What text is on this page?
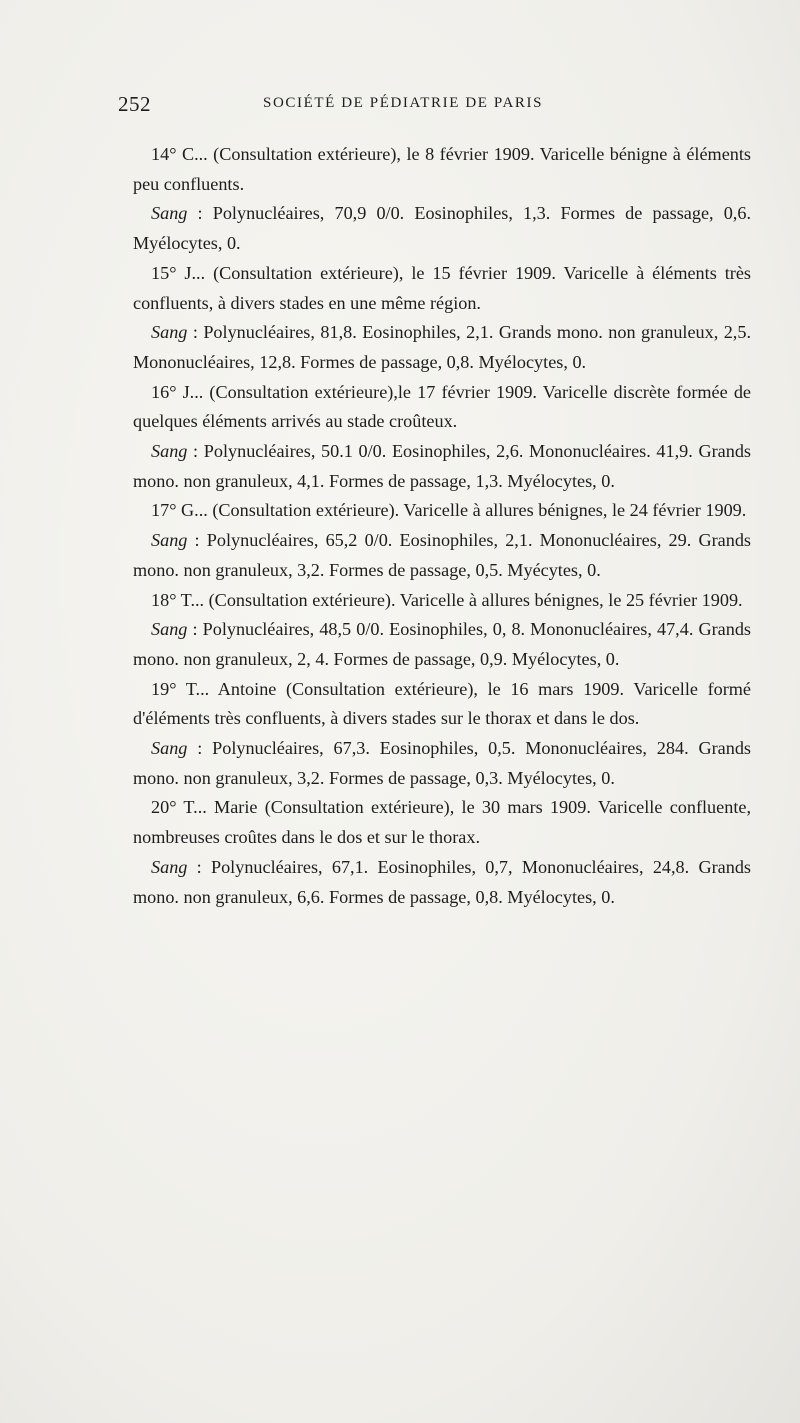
252	SOCIÉTÉ DE PÉDIATRIE DE PARIS

14° C... (Consultation extérieure), le 8 février 1909. Varicelle bénigne à éléments peu confluents.

Sang : Polynucléaires, 70,9 0/0. Eosinophiles, 1,3. Formes de passage, 0,6. Myélocytes, 0.

15° J... (Consultation extérieure), le 15 février 1909. Varicelle à éléments très confluents, à divers stades en une même région.

Sang : Polynucléaires, 81,8. Eosinophiles, 2,1. Grands mono. non granuleux, 2,5. Mononucléaires, 12,8. Formes de passage, 0,8. Myélocytes, 0.

16° J... (Consultation extérieure),le 17 février 1909. Varicelle discrète formée de quelques éléments arrivés au stade croûteux.

Sang : Polynucléaires, 50.1 0/0. Eosinophiles, 2,6. Mononucléaires. 41,9. Grands mono. non granuleux, 4,1. Formes de passage, 1,3. Myélocytes, 0.

17° G... (Consultation extérieure). Varicelle à allures bénignes, le 24 février 1909.

Sang : Polynucléaires, 65,2 0/0. Eosinophiles, 2,1. Mononucléaires, 29. Grands mono. non granuleux, 3,2. Formes de passage, 0,5. Myécytes, 0.

18° T... (Consultation extérieure). Varicelle à allures bénignes, le 25 février 1909.

Sang : Polynucléaires, 48,5 0/0. Eosinophiles, 0, 8. Mononucléaires, 47,4. Grands mono. non granuleux, 2, 4. Formes de passage, 0,9. Myélocytes, 0.

19° T... Antoine (Consultation extérieure), le 16 mars 1909. Varicelle formé d'éléments très confluents, à divers stades sur le thorax et dans le dos.

Sang : Polynucléaires, 67,3. Eosinophiles, 0,5. Mononucléaires, 284. Grands mono. non granuleux, 3,2. Formes de passage, 0,3. Myélocytes, 0.

20° T... Marie (Consultation extérieure), le 30 mars 1909. Varicelle confluente, nombreuses croûtes dans le dos et sur le thorax.

Sang : Polynucléaires, 67,1. Eosinophiles, 0,7, Mononucléaires, 24,8. Grands mono. non granuleux, 6,6. Formes de passage, 0,8. Myélocytes, 0.
